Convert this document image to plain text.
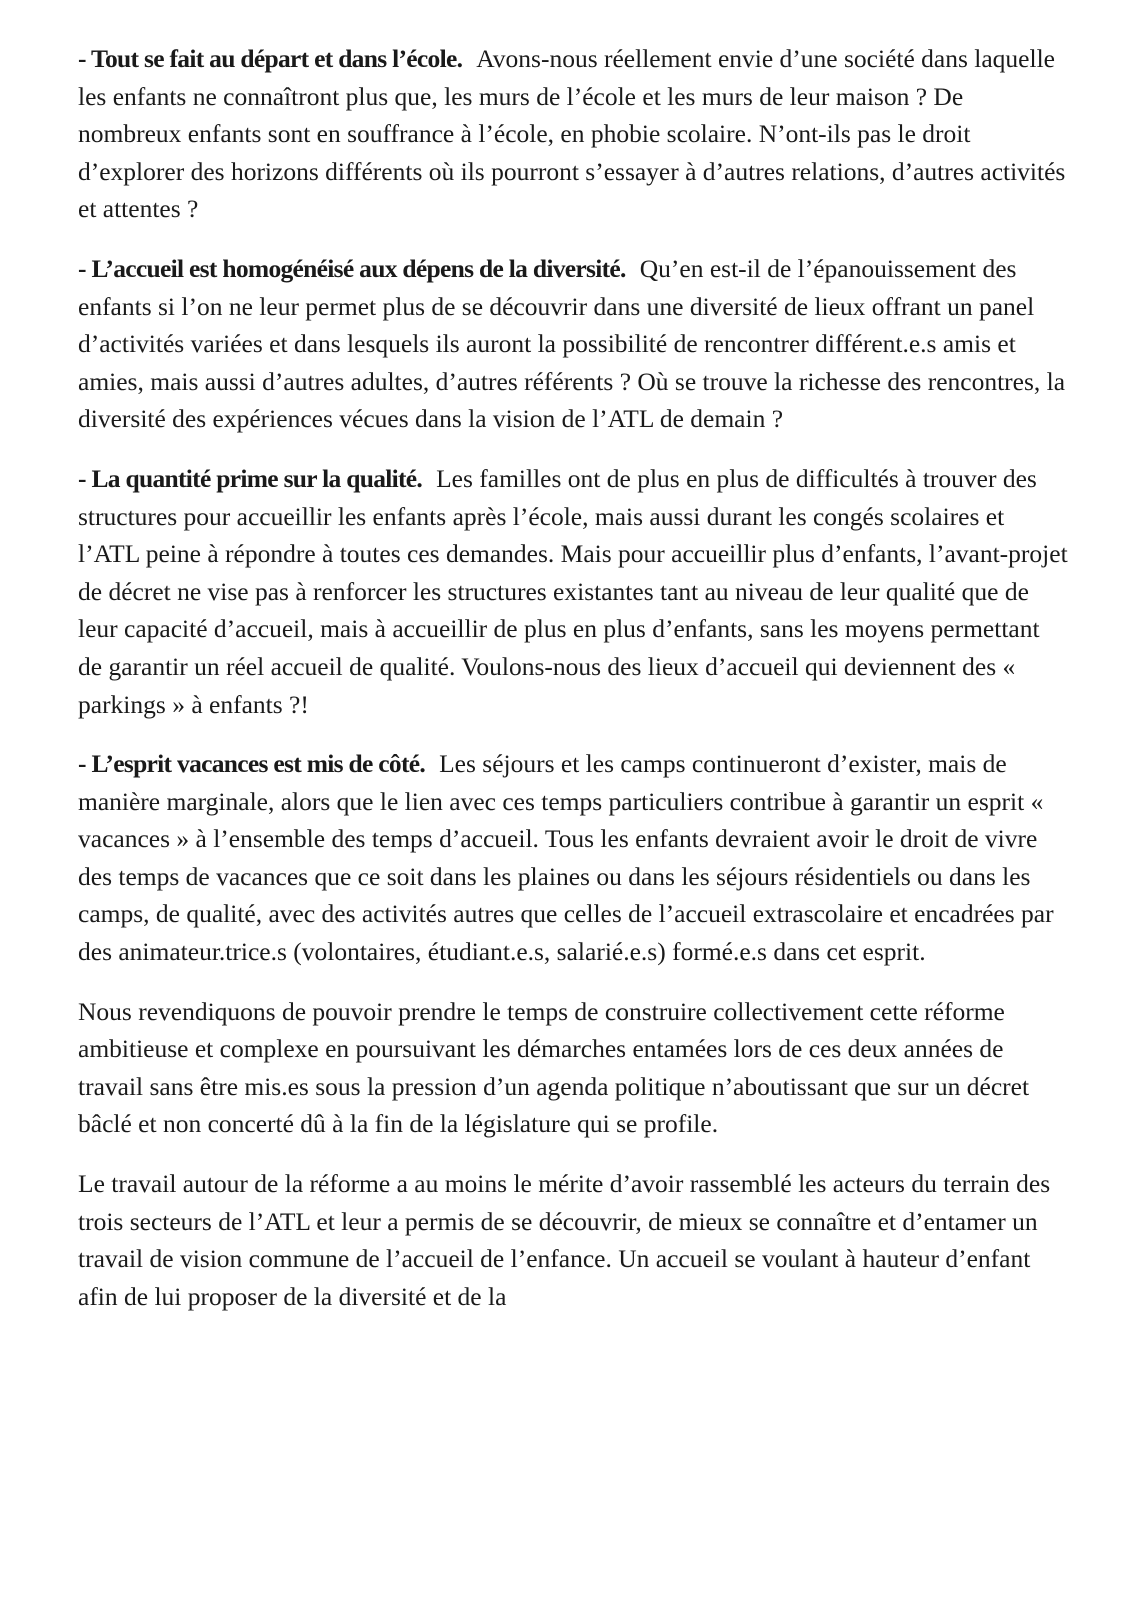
- Tout se fait au départ et dans l’école. Avons-nous réellement envie d’une société dans laquelle les enfants ne connaîtront plus que, les murs de l’école et les murs de leur maison ? De nombreux enfants sont en souffrance à l’école, en phobie scolaire. N’ont-ils pas le droit d’explorer des horizons différents où ils pourront s’essayer à d’autres relations, d’autres activités et attentes ?

- L’accueil est homogénéisé aux dépens de la diversité. Qu’en est-il de l’épanouissement des enfants si l’on ne leur permet plus de se découvrir dans une diversité de lieux offrant un panel d’activités variées et dans lesquels ils auront la possibilité de rencontrer différent.e.s amis et amies, mais aussi d’autres adultes, d’autres référents ? Où se trouve la richesse des rencontres, la diversité des expériences vécues dans la vision de l’ATL de demain ?

- La quantité prime sur la qualité. Les familles ont de plus en plus de difficultés à trouver des structures pour accueillir les enfants après l’école, mais aussi durant les congés scolaires et l’ATL peine à répondre à toutes ces demandes. Mais pour accueillir plus d’enfants, l’avant-projet de décret ne vise pas à renforcer les structures existantes tant au niveau de leur qualité que de leur capacité d’accueil, mais à accueillir de plus en plus d’enfants, sans les moyens permettant de garantir un réel accueil de qualité. Voulons-nous des lieux d’accueil qui deviennent des « parkings » à enfants ?!

- L’esprit vacances est mis de côté. Les séjours et les camps continueront d’exister, mais de manière marginale, alors que le lien avec ces temps particuliers contribue à garantir un esprit « vacances » à l’ensemble des temps d’accueil. Tous les enfants devraient avoir le droit de vivre des temps de vacances que ce soit dans les plaines ou dans les séjours résidentiels ou dans les camps, de qualité, avec des activités autres que celles de l’accueil extrascolaire et encadrées par des animateur.trice.s (volontaires, étudiant.e.s, salarié.e.s) formé.e.s dans cet esprit.

Nous revendiquons de pouvoir prendre le temps de construire collectivement cette réforme ambitieuse et complexe en poursuivant les démarches entamées lors de ces deux années de travail sans être mis.es sous la pression d’un agenda politique n’aboutissant que sur un décret bâclé et non concerté dû à la fin de la législature qui se profile.

Le travail autour de la réforme a au moins le mérite d’avoir rassemblé les acteurs du terrain des trois secteurs de l’ATL et leur a permis de se découvrir, de mieux se connaître et d’entamer un travail de vision commune de l’accueil de l’enfance. Un accueil se voulant à hauteur d’enfant afin de lui proposer de la diversité et de la
